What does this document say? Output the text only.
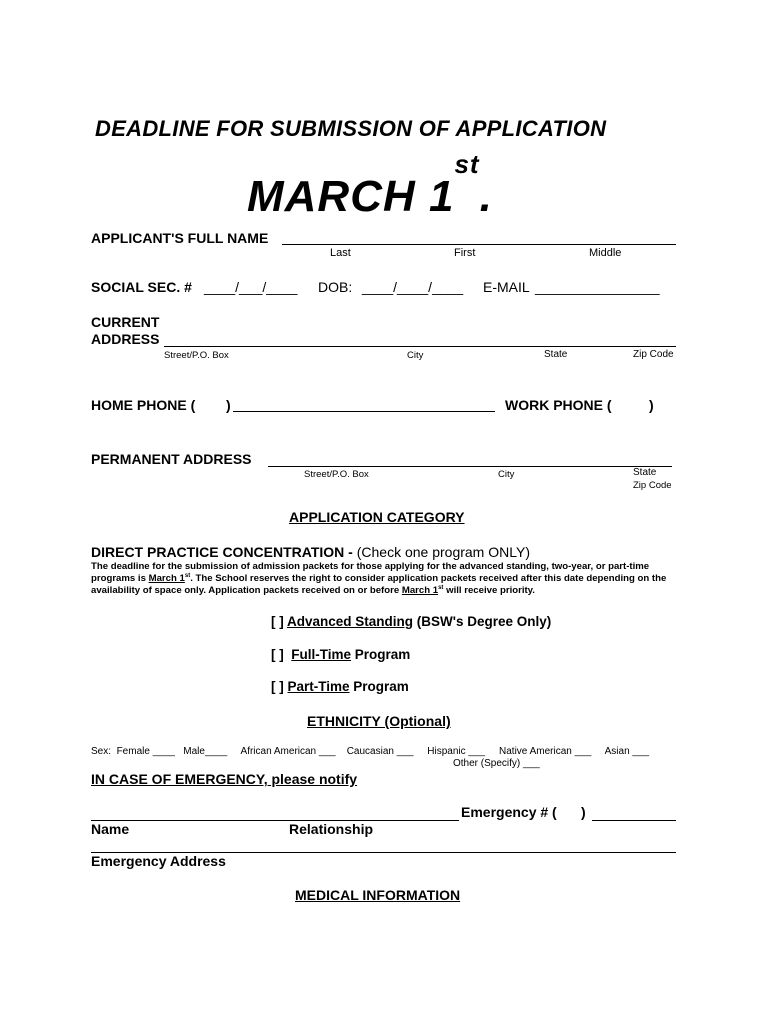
DEADLINE FOR SUBMISSION OF APPLICATION
MARCH 1st.
APPLICANT'S FULL NAME
Last	First	Middle
SOCIAL SEC. # ____/___/____ DOB: ____/____/____ E-MAIL ________________
CURRENT
ADDRESS
Street/P.O. Box	City	State	Zip Code
HOME PHONE ( )	WORK PHONE (	)
PERMANENT ADDRESS
Street/P.O. Box	City	State
Zip Code
APPLICATION CATEGORY
DIRECT PRACTICE CONCENTRATION - (Check one program ONLY)
The deadline for the submission of admission packets for those applying for the advanced standing, two-year, or part-time programs is March 1st. The School reserves the right to consider application packets received after this date depending on the availability of space only. Application packets received on or before March 1st will receive priority.
[ ] Advanced Standing (BSW's Degree Only)
[ ] Full-Time Program
[ ] Part-Time Program
ETHNICITY (Optional)
Sex:  Female ____   Male____     African American ___    Caucasian ___     Hispanic ___     Native American ___     Asian ___
Other (Specify) ___
IN CASE OF EMERGENCY, please notify
Emergency # ( )
Name	Relationship
Emergency Address
MEDICAL INFORMATION
